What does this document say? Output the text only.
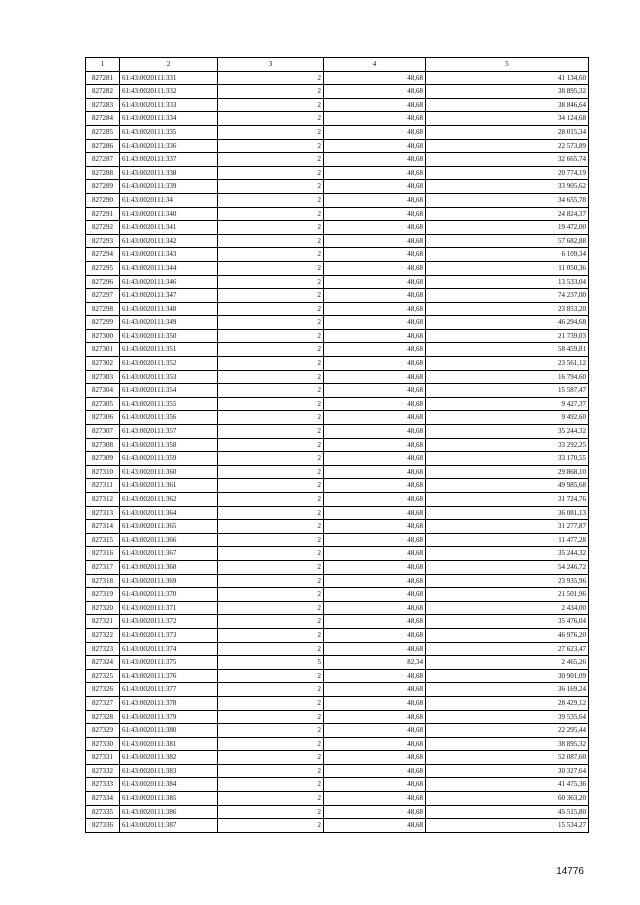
1	2	3	4	5
827281	61:43:0020111:331	2	48,68	41 134,60
827282	61:43:0020111:332	2	48,68	38 895,32
827283	61:43:0020111:333	2	48,68	38 846,64
827284	61:43:0020111:334	2	48,68	34 124,68
827285	61:43:0020111:335	2	48,68	28 015,34
827286	61:43:0020111:336	2	48,68	22 573,89
827287	61:43:0020111:337	2	48,68	32 665,74
827288	61:43:0020111:338	2	48,68	20 774,19
827289	61:43:0020111:339	2	48,68	33 905,62
827290	61:43:0020111:34	2	48,68	34 655,78
827291	61:43:0020111:340	2	48,68	24 824,37
827292	61:43:0020111:341	2	48,68	19 472,00
827293	61:43:0020111:342	2	48,68	57 682,88
827294	61:43:0020111:343	2	48,68	6 109,34
827295	61:43:0020111:344	2	48,68	11 050,36
827296	61:43:0020111:346	2	48,68	13 533,04
827297	61:43:0020111:347	2	48,68	74 237,00
827298	61:43:0020111:348	2	48,68	23 853,20
827299	61:43:0020111:349	2	48,68	46 294,68
827300	61:43:0020111:350	2	48,68	21 739,03
827301	61:43:0020111:351	2	48,68	58 459,81
827302	61:43:0020111:352	2	48,68	23 561,12
827303	61:43:0020111:353	2	48,68	16 794,60
827304	61:43:0020111:354	2	48,68	15 587,47
827305	61:43:0020111:355	2	48,68	9 427,37
827306	61:43:0020111:356	2	48,68	9 492,60
827307	61:43:0020111:357	2	48,68	35 244,32
827308	61:43:0020111:358	2	48,68	33 292,25
827309	61:43:0020111:359	2	48,68	33 170,55
827310	61:43:0020111:360	2	48,68	29 868,10
827311	61:43:0020111:361	2	48,68	49 985,68
827312	61:43:0020111:362	2	48,68	31 724,76
827313	61:43:0020111:364	2	48,68	36 081,13
827314	61:43:0020111:365	2	48,68	31 277,87
827315	61:43:0020111:366	2	48,68	11 477,28
827316	61:43:0020111:367	2	48,68	35 244,32
827317	61:43:0020111:368	2	48,68	54 246,72
827318	61:43:0020111:369	2	48,68	23 935,96
827319	61:43:0020111:370	2	48,68	21 501,96
827320	61:43:0020111:371	2	48,68	2 434,00
827321	61:43:0020111:372	2	48,68	35 476,04
827322	61:43:0020111:373	2	48,68	46 976,20
827323	61:43:0020111:374	2	48,68	27 623,47
827324	61:43:0020111:375	5	82,34	2 465,26
827325	61:43:0020111:376	2	48,68	30 901,09
827326	61:43:0020111:377	2	48,68	36 169,24
827327	61:43:0020111:378	2	48,68	28 429,12
827328	61:43:0020111:379	2	48,68	39 535,64
827329	61:43:0020111:380	2	48,68	22 295,44
827330	61:43:0020111:381	2	48,68	38 895,32
827331	61:43:0020111:382	2	48,68	52 087,60
827332	61:43:0020111:383	2	48,68	30 327,64
827333	61:43:0020111:384	2	48,68	41 475,36
827334	61:43:0020111:385	2	48,68	60 363,20
827335	61:43:0020111:386	2	48,68	45 515,80
827336	61:43:0020111:387	2	48,68	15 534,27
14776
